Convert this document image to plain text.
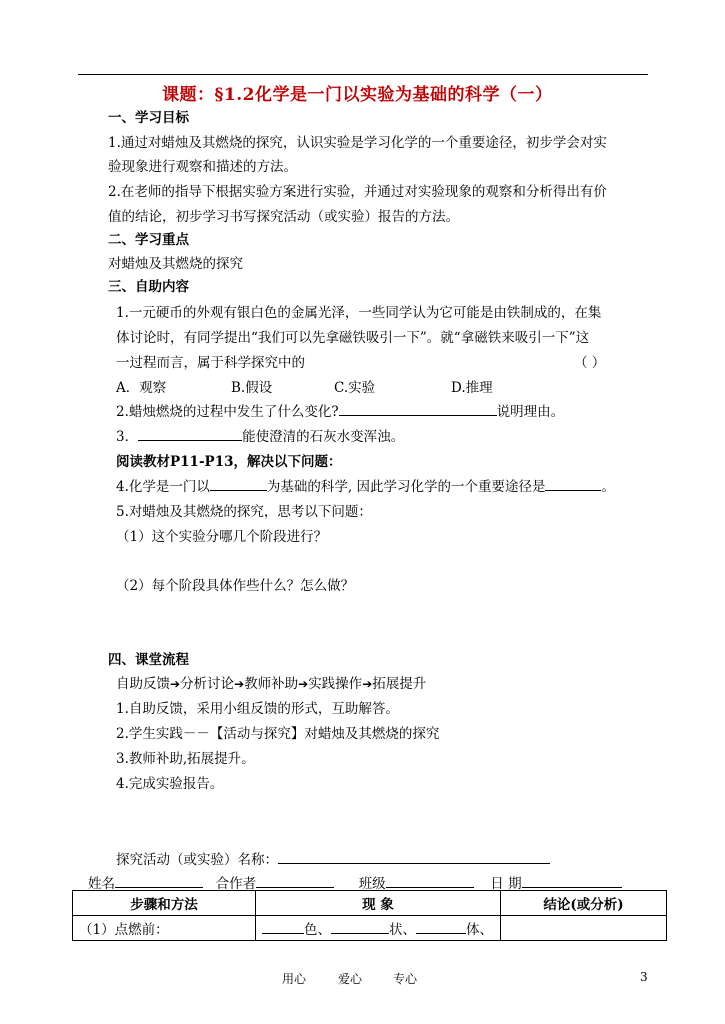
课题：§1.2化学是一门以实验为基础的科学（一）
一、学习目标
1.通过对蜡烛及其燃烧的探究，认识实验是学习化学的一个重要途径，初步学会对实
验现象进行观察和描述的方法。
2.在老师的指导下根据实验方案进行实验，并通过对实验现象的观察和分析得出有价
值的结论，初步学习书写探究活动（或实验）报告的方法。
二、学习重点
对蜡烛及其燃烧的探究
三、自助内容
1.一元硬币的外观有银白色的金属光泽，一些同学认为它可能是由铁制成的，在集
体讨论时，有同学提出“我们可以先拿磁铁吸引一下”。就“拿磁铁来吸引一下”这
一过程而言，属于科学探究中的	（ ）
A．观察	B.假设	C.实验	D.推理
2.蜡烛燃烧的过程中发生了什么变化?	说明理由。
3．	能使澄清的石灰水变浑浊。
阅读教材P11-P13，解决以下问题：
4.化学是一门以	为基础的科学, 因此学习化学的一个重要途径是	。
5.对蜡烛及其燃烧的探究，思考以下问题：
（1）这个实验分哪几个阶段进行？
（2）每个阶段具体作些什么？怎么做？
四、课堂流程
自助反馈➔分析讨论➔教师补助➔实践操作➔拓展提升
1.自助反馈，采用小组反馈的形式，互助解答。
2.学生实践－－【活动与探究】对蜡烛及其燃烧的探究
3.教师补助,拓展提升。
4.完成实验报告。
探究活动（或实验）名称：
姓名	合作者	班级	日 期
步骤和方法	现 象	结论(或分析)
（1）点燃前：	色、 状、 体、	
用心	爱心	专心	3
